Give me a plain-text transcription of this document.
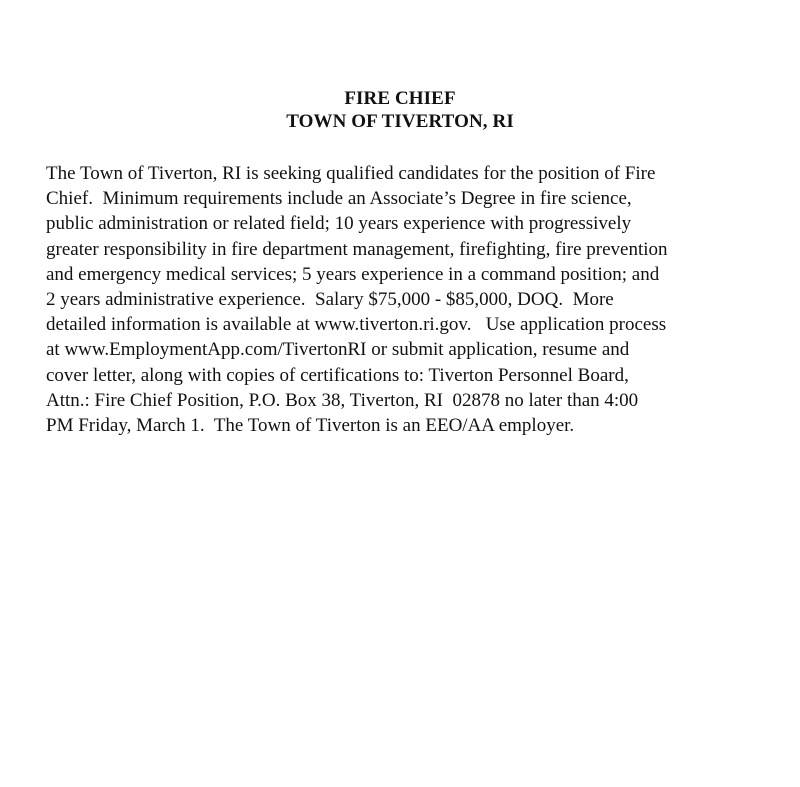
FIRE CHIEF
TOWN OF TIVERTON, RI
The Town of Tiverton, RI is seeking qualified candidates for the position of Fire
Chief.  Minimum requirements include an Associate’s Degree in fire science,
public administration or related field; 10 years experience with progressively
greater responsibility in fire department management, firefighting, fire prevention
and emergency medical services; 5 years experience in a command position; and
2 years administrative experience.  Salary $75,000 - $85,000, DOQ.  More
detailed information is available at www.tiverton.ri.gov.   Use application process
at www.EmploymentApp.com/TivertonRI or submit application, resume and
cover letter, along with copies of certifications to: Tiverton Personnel Board,
Attn.: Fire Chief Position, P.O. Box 38, Tiverton, RI  02878 no later than 4:00
PM Friday, March 1.  The Town of Tiverton is an EEO/AA employer.
